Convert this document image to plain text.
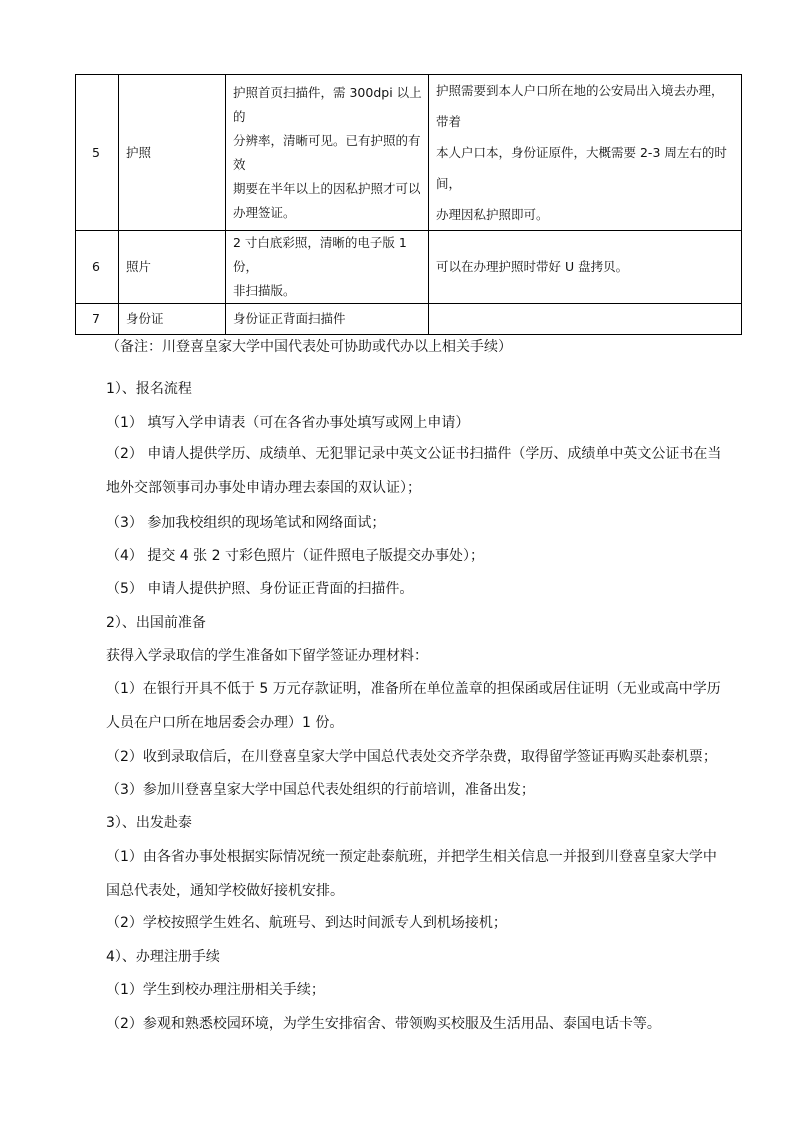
5	护照	护照首页扫描件，需 300dpi 以上的
分辨率，清晰可见。已有护照的有效
期要在半年以上的因私护照才可以
办理签证。	护照需要到本人户口所在地的公安局出入境去办理，带着
本人户口本，身份证原件，大概需要 2-3 周左右的时间，
办理因私护照即可。

6	照片	2 寸白底彩照，清晰的电子版 1 份，
非扫描版。	可以在办理护照时带好 U 盘拷贝。

7	身份证	身份证正背面扫描件	

（备注：川登喜皇家大学中国代表处可协助或代办以上相关手续）
1）、报名流程
（1） 填写入学申请表（可在各省办事处填写或网上申请）
（2） 申请人提供学历、成绩单、无犯罪记录中英文公证书扫描件（学历、成绩单中英文公证书在当地外交部领事司办事处申请办理去泰国的双认证）；
（3） 参加我校组织的现场笔试和网络面试；
（4） 提交 4 张 2 寸彩色照片（证件照电子版提交办事处）；
（5） 申请人提供护照、身份证正背面的扫描件。
2）、出国前准备
获得入学录取信的学生准备如下留学签证办理材料：
（1）在银行开具不低于 5 万元存款证明，准备所在单位盖章的担保函或居住证明（无业或高中学历人员在户口所在地居委会办理）1 份。
（2）收到录取信后，在川登喜皇家大学中国总代表处交齐学杂费，取得留学签证再购买赴泰机票；
（3）参加川登喜皇家大学中国总代表处组织的行前培训，准备出发；
3）、出发赴泰
（1）由各省办事处根据实际情况统一预定赴泰航班，并把学生相关信息一并报到川登喜皇家大学中国总代表处，通知学校做好接机安排。
（2）学校按照学生姓名、航班号、到达时间派专人到机场接机；
4）、办理注册手续
（1）学生到校办理注册相关手续；
（2）参观和熟悉校园环境，为学生安排宿舍、带领购买校服及生活用品、泰国电话卡等。
